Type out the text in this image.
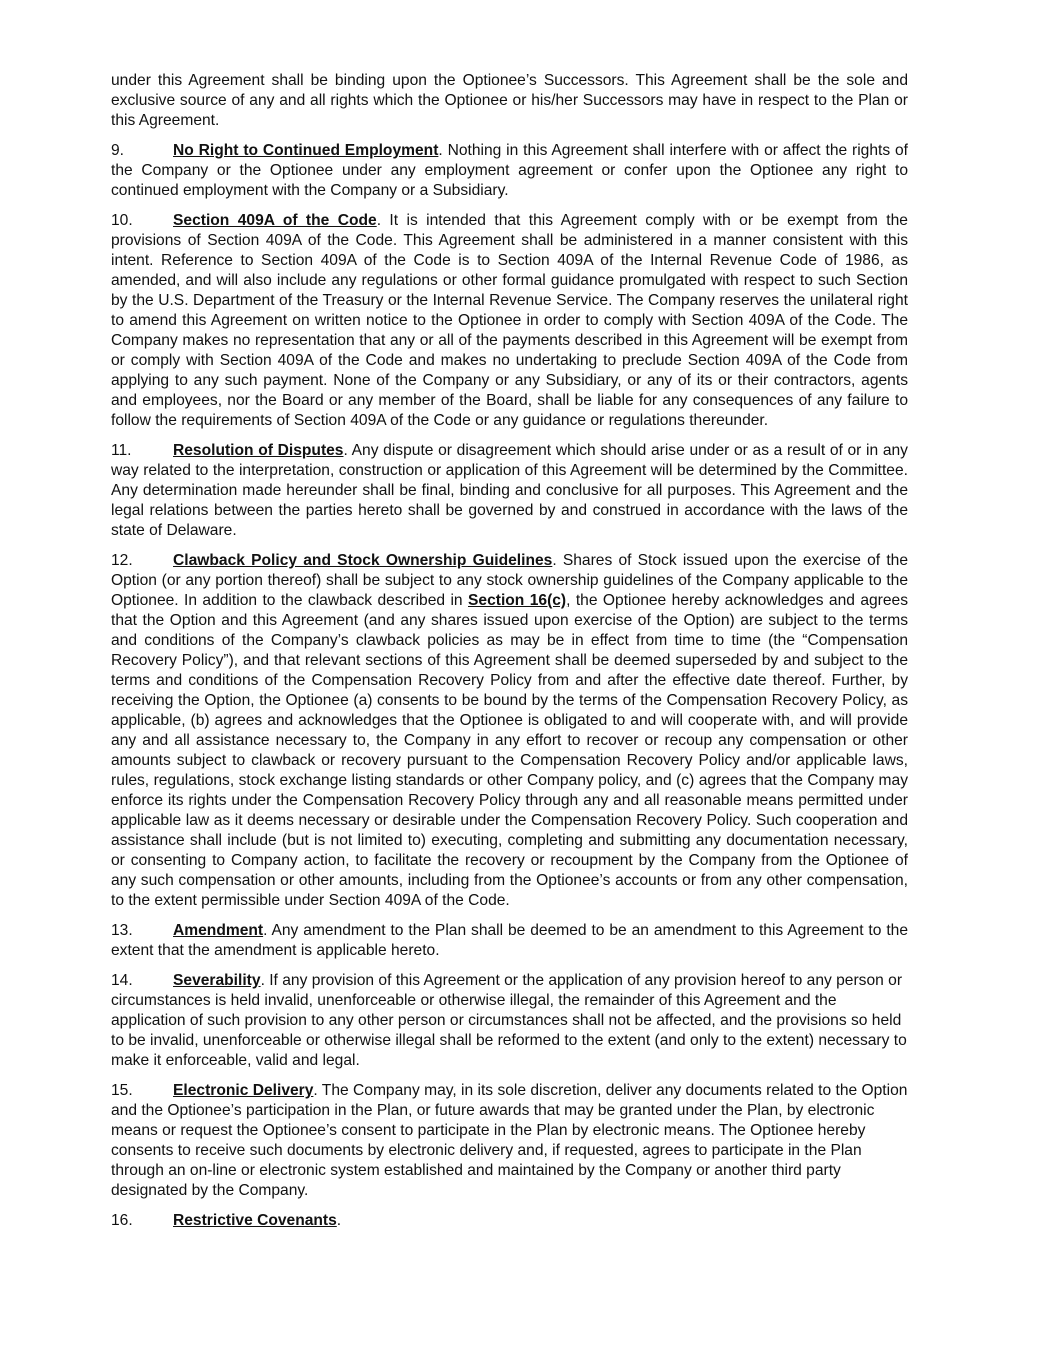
under this Agreement shall be binding upon the Optionee’s Successors. This Agreement shall be the sole and exclusive source of any and all rights which the Optionee or his/her Successors may have in respect to the Plan or this Agreement.

9.	No Right to Continued Employment. Nothing in this Agreement shall interfere with or affect the rights of the Company or the Optionee under any employment agreement or confer upon the Optionee any right to continued employment with the Company or a Subsidiary.

10.	Section 409A of the Code. It is intended that this Agreement comply with or be exempt from the provisions of Section 409A of the Code. This Agreement shall be administered in a manner consistent with this intent. Reference to Section 409A of the Code is to Section 409A of the Internal Revenue Code of 1986, as amended, and will also include any regulations or other formal guidance promulgated with respect to such Section by the U.S. Department of the Treasury or the Internal Revenue Service. The Company reserves the unilateral right to amend this Agreement on written notice to the Optionee in order to comply with Section 409A of the Code. The Company makes no representation that any or all of the payments described in this Agreement will be exempt from or comply with Section 409A of the Code and makes no undertaking to preclude Section 409A of the Code from applying to any such payment. None of the Company or any Subsidiary, or any of its or their contractors, agents and employees, nor the Board or any member of the Board, shall be liable for any consequences of any failure to follow the requirements of Section 409A of the Code or any guidance or regulations thereunder.

11.	Resolution of Disputes. Any dispute or disagreement which should arise under or as a result of or in any way related to the interpretation, construction or application of this Agreement will be determined by the Committee. Any determination made hereunder shall be final, binding and conclusive for all purposes. This Agreement and the legal relations between the parties hereto shall be governed by and construed in accordance with the laws of the state of Delaware.

12.	Clawback Policy and Stock Ownership Guidelines. Shares of Stock issued upon the exercise of the Option (or any portion thereof) shall be subject to any stock ownership guidelines of the Company applicable to the Optionee. In addition to the clawback described in Section 16(c), the Optionee hereby acknowledges and agrees that the Option and this Agreement (and any shares issued upon exercise of the Option) are subject to the terms and conditions of the Company’s clawback policies as may be in effect from time to time (the “Compensation Recovery Policy”), and that relevant sections of this Agreement shall be deemed superseded by and subject to the terms and conditions of the Compensation Recovery Policy from and after the effective date thereof. Further, by receiving the Option, the Optionee (a) consents to be bound by the terms of the Compensation Recovery Policy, as applicable, (b) agrees and acknowledges that the Optionee is obligated to and will cooperate with, and will provide any and all assistance necessary to, the Company in any effort to recover or recoup any compensation or other amounts subject to clawback or recovery pursuant to the Compensation Recovery Policy and/or applicable laws, rules, regulations, stock exchange listing standards or other Company policy, and (c) agrees that the Company may enforce its rights under the Compensation Recovery Policy through any and all reasonable means permitted under applicable law as it deems necessary or desirable under the Compensation Recovery Policy. Such cooperation and assistance shall include (but is not limited to) executing, completing and submitting any documentation necessary, or consenting to Company action, to facilitate the recovery or recoupment by the Company from the Optionee of any such compensation or other amounts, including from the Optionee’s accounts or from any other compensation, to the extent permissible under Section 409A of the Code.

13.	Amendment. Any amendment to the Plan shall be deemed to be an amendment to this Agreement to the extent that the amendment is applicable hereto.

14.	Severability. If any provision of this Agreement or the application of any provision hereof to any person or circumstances is held invalid, unenforceable or otherwise illegal, the remainder of this Agreement and the application of such provision to any other person or circumstances shall not be affected, and the provisions so held to be invalid, unenforceable or otherwise illegal shall be reformed to the extent (and only to the extent) necessary to make it enforceable, valid and legal.

15.	Electronic Delivery. The Company may, in its sole discretion, deliver any documents related to the Option and the Optionee’s participation in the Plan, or future awards that may be granted under the Plan, by electronic means or request the Optionee’s consent to participate in the Plan by electronic means. The Optionee hereby consents to receive such documents by electronic delivery and, if requested, agrees to participate in the Plan through an on-line or electronic system established and maintained by the Company or another third party designated by the Company.

16.	Restrictive Covenants.
